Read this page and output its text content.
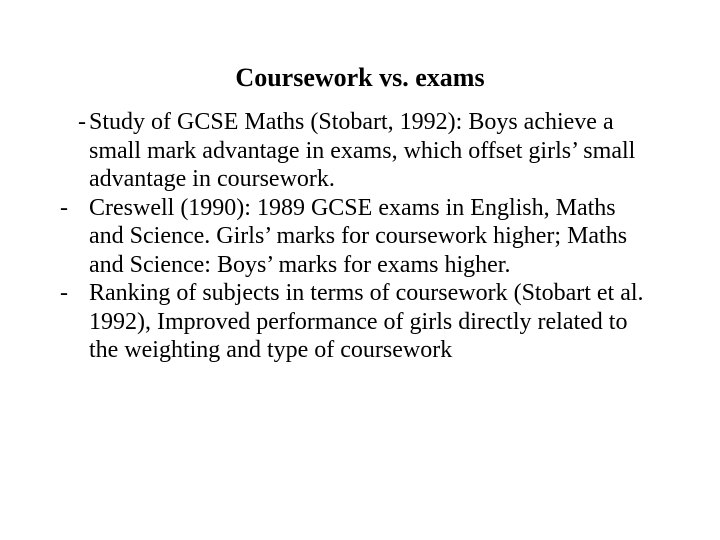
Coursework vs. exams
- Study of GCSE Maths (Stobart, 1992): Boys achieve a small mark advantage in exams, which offset girls’ small advantage in coursework.
- Creswell (1990): 1989 GCSE exams in English, Maths and Science. Girls’ marks for coursework higher; Maths and Science: Boys’ marks for exams higher.
- Ranking of subjects in terms of coursework (Stobart et al. 1992), Improved performance of girls directly related to the weighting and type of coursework
